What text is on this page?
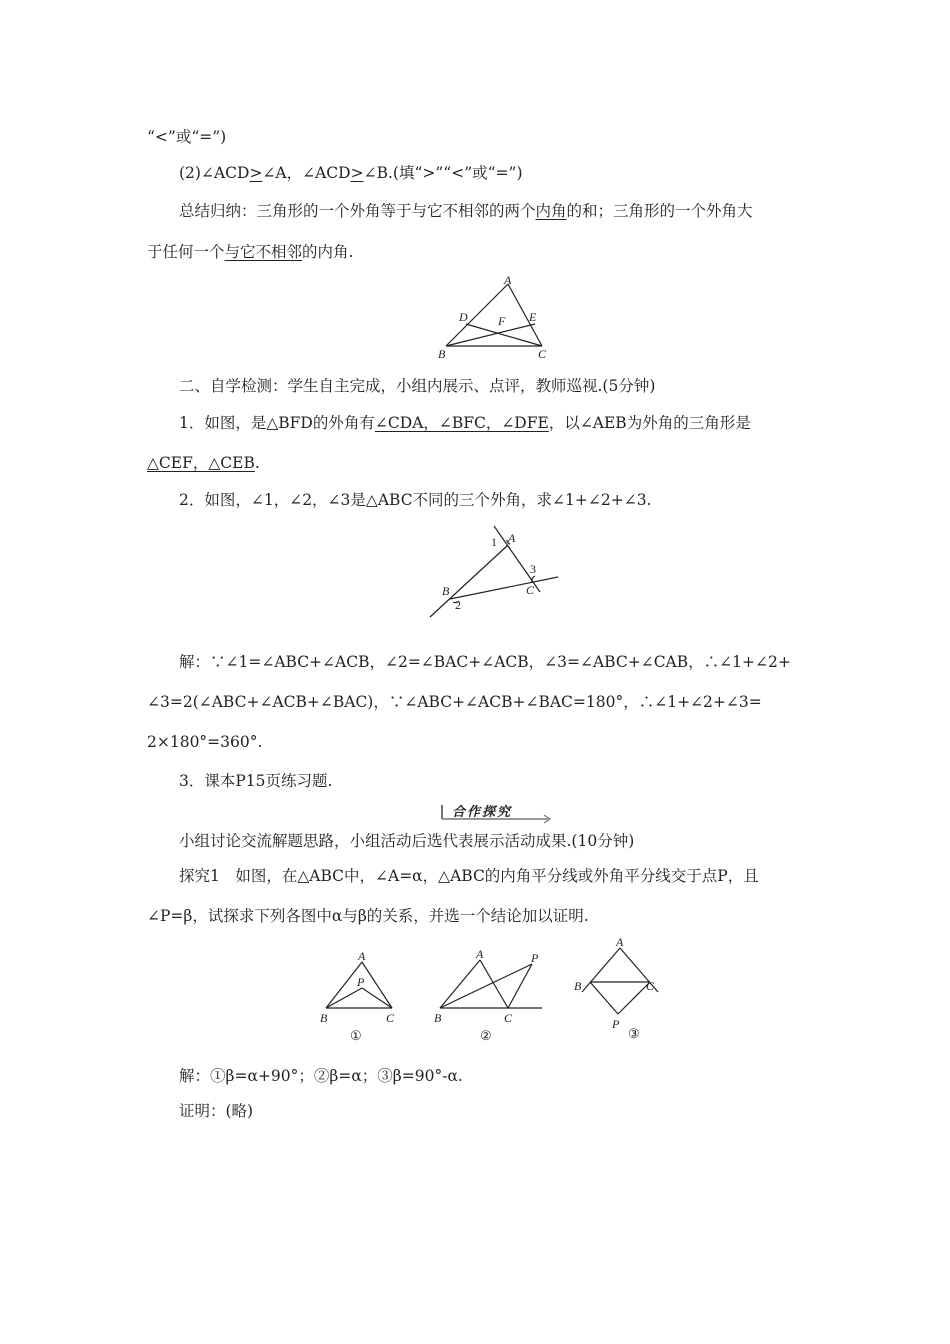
“<”或“=”)
(2)∠ACD>∠A，∠ACD>∠B.(填“>”“<”或“=”)
总结归纳：三角形的一个外角等于与它不相邻的两个内角的和；三角形的一个外角大
于任何一个与它不相邻的内角.
A
B	C
D	E
F
二、自学检测：学生自主完成，小组内展示、点评，教师巡视.(5分钟)
1．如图，是△BFD的外角有∠CDA，∠BFC，∠DFE，以∠AEB为外角的三角形是
△CEF，△CEB.
2．如图，∠1，∠2，∠3是△ABC不同的三个外角，求∠1+∠2+∠3.
A
B	C
1
2
3
解：∵∠1=∠ABC+∠ACB，∠2=∠BAC+∠ACB，∠3=∠ABC+∠CAB，∴∠1+∠2+
∠3=2(∠ABC+∠ACB+∠BAC)，∵∠ABC+∠ACB+∠BAC=180°，∴∠1+∠2+∠3=
2×180°=360°.
3．课本P15页练习题.
合作探究
小组讨论交流解题思路，小组活动后选代表展示活动成果.(10分钟)
探究1　如图，在△ABC中，∠A=α，△ABC的内角平分线或外角平分线交于点P，且
∠P=β，试探求下列各图中α与β的关系，并选一个结论加以证明.
A
B	C
P
①
A
B	C
P
②
A
B	C
P
③
解：①β=α+90°；②β=α；③β=90°-α.
证明：(略)
